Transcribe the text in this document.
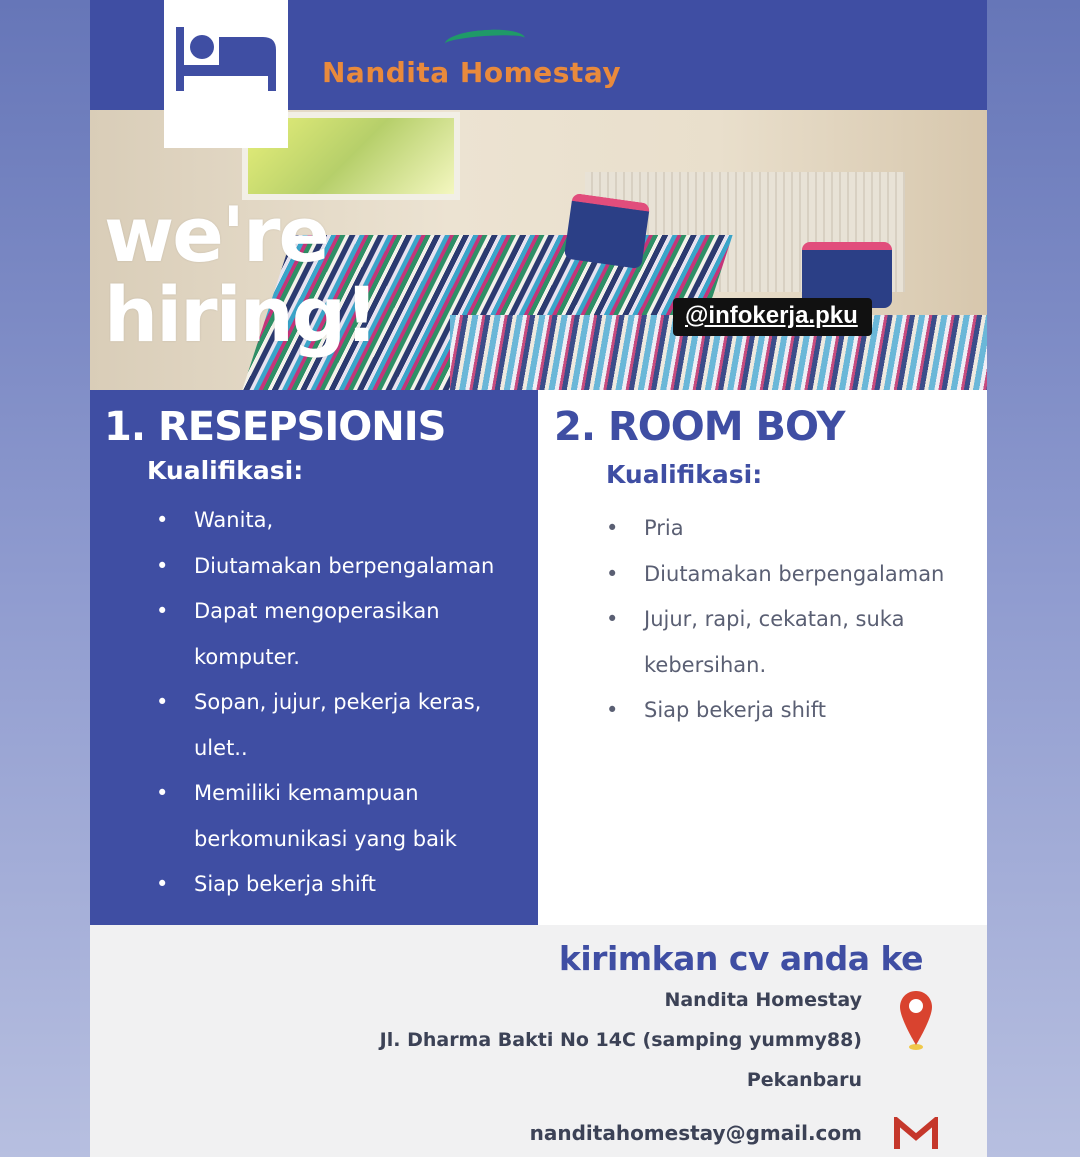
Nandita Homestay
we're
hiring!	@infokerja.pku
1. RESEPSIONIS
Kualifikasi:
• Wanita,
• Diutamakan berpengalaman
• Dapat mengoperasikan komputer.
• Sopan, jujur, pekerja keras, ulet..
• Memiliki kemampuan berkomunikasi yang baik
• Siap bekerja shift
2. ROOM BOY
Kualifikasi:
• Pria
• Diutamakan berpengalaman
• Jujur, rapi, cekatan, suka kebersihan.
• Siap bekerja shift
kirimkan cv anda ke
Nandita Homestay
Jl. Dharma Bakti No 14C (samping yummy88)
Pekanbaru
nanditahomestay@gmail.com
